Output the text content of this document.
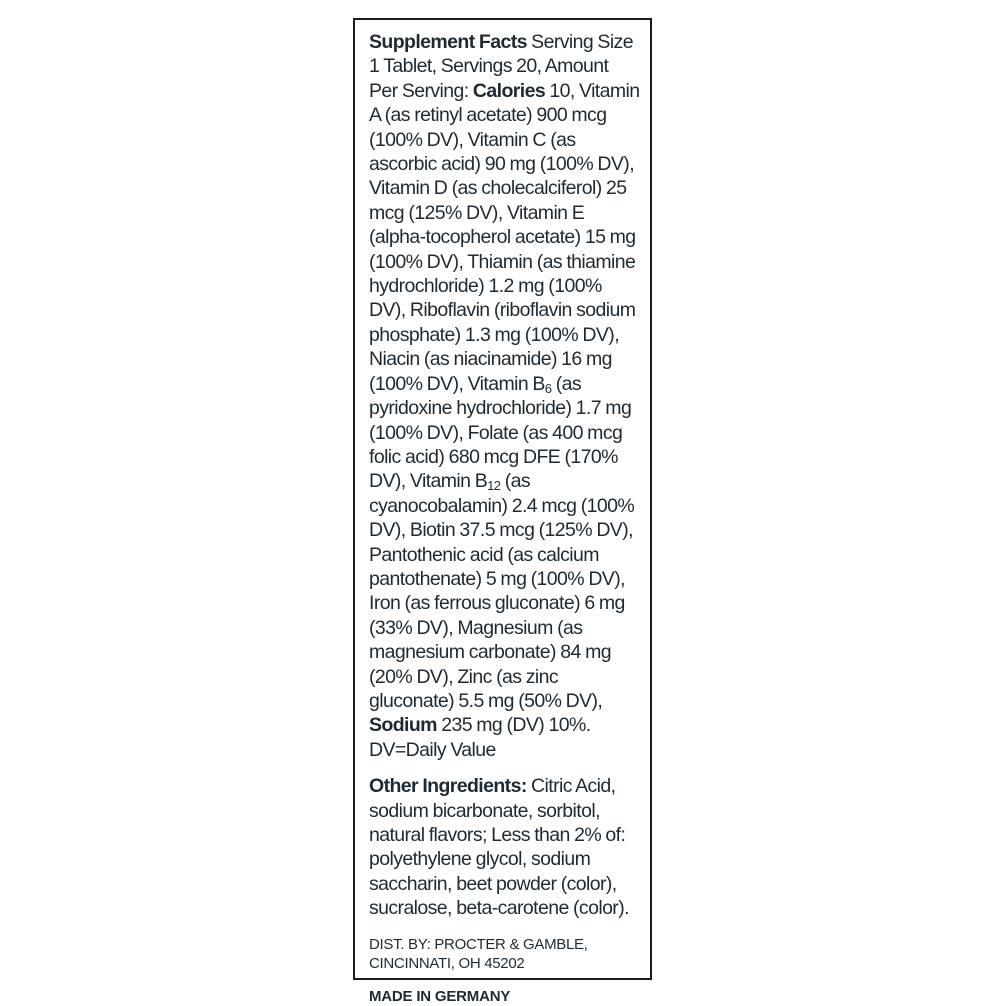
Supplement Facts Serving Size 1 Tablet, Servings 20, Amount Per Serving: Calories 10, Vitamin A (as retinyl acetate) 900 mcg (100% DV), Vitamin C (as ascorbic acid) 90 mg (100% DV), Vitamin D (as cholecalciferol) 25 mcg (125% DV), Vitamin E (alpha-tocopherol acetate) 15 mg (100% DV), Thiamin (as thiamine hydrochloride) 1.2 mg (100% DV), Riboflavin (riboflavin sodium phosphate) 1.3 mg (100% DV), Niacin (as niacinamide) 16 mg (100% DV), Vitamin $B_6$ (as pyridoxine hydrochloride) 1.7 mg (100% DV), Folate (as 400 mcg folic acid) 680 mcg DFE (170% DV), Vitamin $B_{12}$ (as cyanocobalamin) 2.4 mcg (100% DV), Biotin 37.5 mcg (125% DV), Pantothenic acid (as calcium pantothenate) 5 mg (100% DV), Iron (as ferrous gluconate) 6 mg (33% DV), Magnesium (as magnesium carbonate) 84 mg (20% DV), Zinc (as zinc gluconate) 5.5 mg (50% DV), Sodium 235 mg (DV) 10%. DV=Daily Value

Other Ingredients: Citric Acid, sodium bicarbonate, sorbitol, natural flavors; Less than 2% of: polyethylene glycol, sodium saccharin, beet powder (color), sucralose, beta-carotene (color).

DIST. BY: PROCTER & GAMBLE,
CINCINNATI, OH 45202

MADE IN GERMANY
